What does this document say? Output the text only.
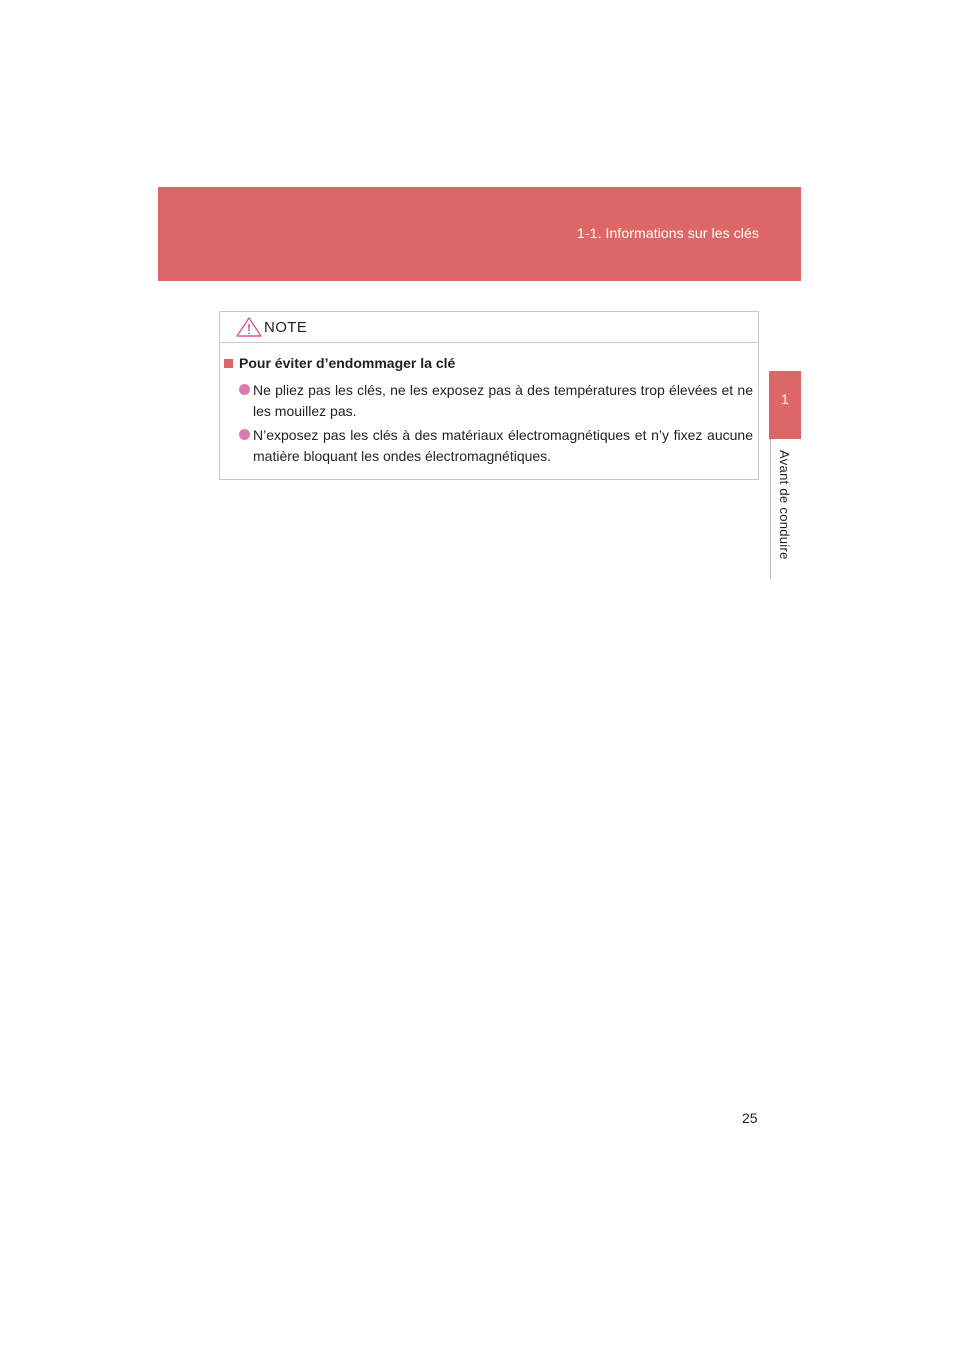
1-1. Informations sur les clés
1
Avant de conduire
NOTE
Pour éviter d’endommager la clé
Ne pliez pas les clés, ne les exposez pas à des températures trop élevées et ne les mouillez pas.
N’exposez pas les clés à des matériaux électromagnétiques et n’y fixez aucune matière bloquant les ondes électromagnétiques.
25
